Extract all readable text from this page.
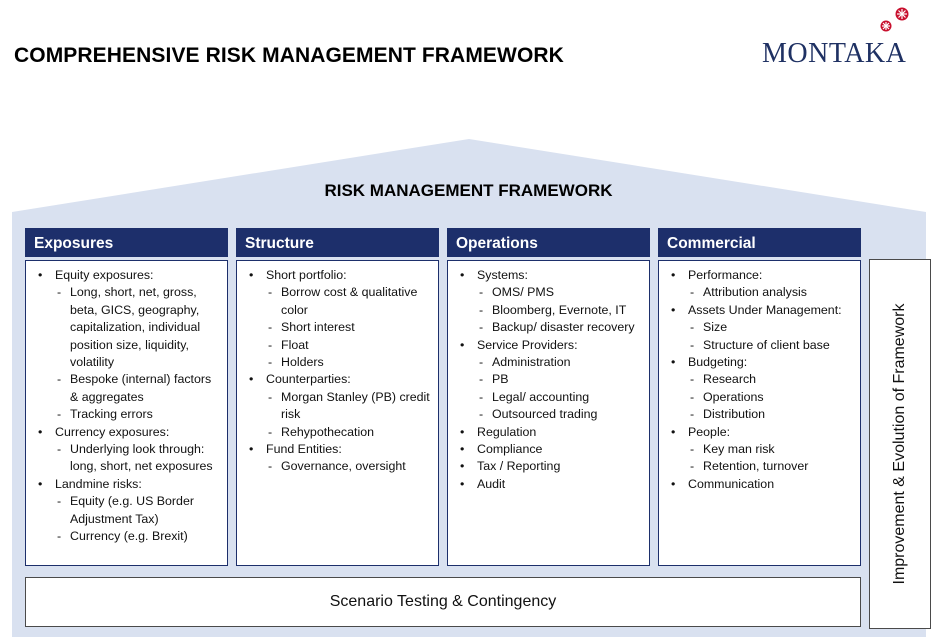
COMPREHENSIVE RISK MANAGEMENT FRAMEWORK	MONTAKA
RISK MANAGEMENT FRAMEWORK
Exposures
• Equity exposures:
- Long, short, net, gross, beta, GICS, geography, capitalization, individual position size, liquidity, volatility
- Bespoke (internal) factors & aggregates
- Tracking errors
• Currency exposures:
- Underlying look through: long, short, net exposures
• Landmine risks:
- Equity (e.g. US Border Adjustment Tax)
- Currency (e.g. Brexit)
Structure
• Short portfolio:
- Borrow cost & qualitative color
- Short interest
- Float
- Holders
• Counterparties:
- Morgan Stanley (PB) credit risk
- Rehypothecation
• Fund Entities:
- Governance, oversight
Operations
• Systems:
- OMS/ PMS
- Bloomberg, Evernote, IT
- Backup/ disaster recovery
• Service Providers:
- Administration
- PB
- Legal/ accounting
- Outsourced trading
• Regulation
• Compliance
• Tax / Reporting
• Audit
Commercial
• Performance:
- Attribution analysis
• Assets Under Management:
- Size
- Structure of client base
• Budgeting:
- Research
- Operations
- Distribution
• People:
- Key man risk
- Retention, turnover
• Communication
Scenario Testing & Contingency
Improvement & Evolution of Framework
